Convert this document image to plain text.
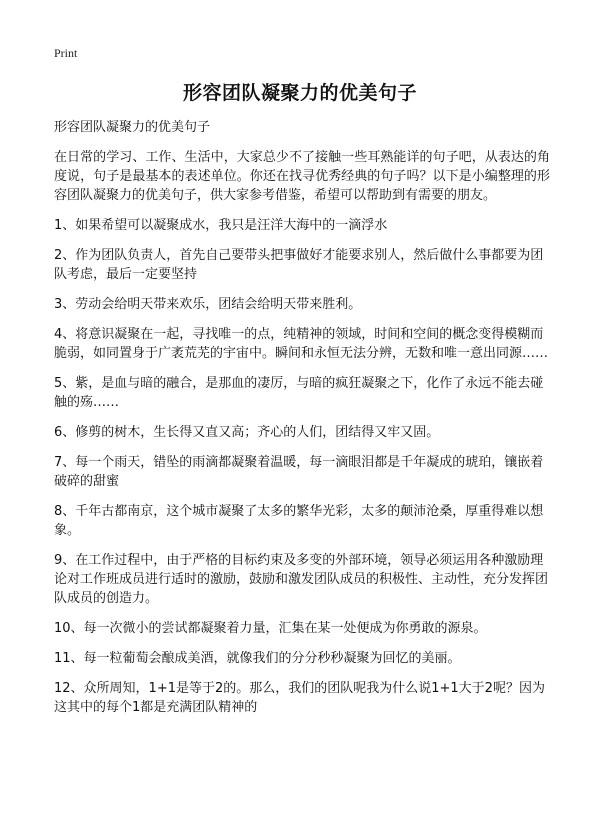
Print
形容团队凝聚力的优美句子

形容团队凝聚力的优美句子

在日常的学习、工作、生活中，大家总少不了接触一些耳熟能详的句子吧，从表达的角度说，句子是最基本的表述单位。你还在找寻优秀经典的句子吗？以下是小编整理的形容团队凝聚力的优美句子，供大家参考借鉴，希望可以帮助到有需要的朋友。

1、如果希望可以凝聚成水，我只是汪洋大海中的一滴浮水
2、作为团队负责人，首先自己要带头把事做好才能要求别人，然后做什么事都要为团队考虑，最后一定要坚持
3、劳动会给明天带来欢乐，团结会给明天带来胜利。
4、将意识凝聚在一起，寻找唯一的点，纯精神的领域，时间和空间的概念变得模糊而脆弱，如同置身于广袤荒芜的宇宙中。瞬间和永恒无法分辨，无数和唯一意出同源……
5、紫，是血与暗的融合，是那血的凄厉，与暗的疯狂凝聚之下，化作了永远不能去碰触的殇……
6、修剪的树木，生长得又直又高；齐心的人们，团结得又牢又固。
7、每一个雨天，错坠的雨滴都凝聚着温暖，每一滴眼泪都是千年凝成的琥珀，镶嵌着破碎的甜蜜
8、千年古都南京，这个城市凝聚了太多的繁华光彩，太多的颠沛沧桑，厚重得难以想象。
9、在工作过程中，由于严格的目标约束及多变的外部环境，领导必须运用各种激励理论对工作班成员进行适时的激励，鼓励和激发团队成员的积极性、主动性，充分发挥团队成员的创造力。
10、每一次微小的尝试都凝聚着力量，汇集在某一处便成为你勇敢的源泉。
11、每一粒葡萄会酿成美酒，就像我们的分分秒秒凝聚为回忆的美丽。
12、众所周知，1+1是等于2的。那么，我们的团队呢我为什么说1+1大于2呢？因为这其中的每个1都是充满团队精神的
